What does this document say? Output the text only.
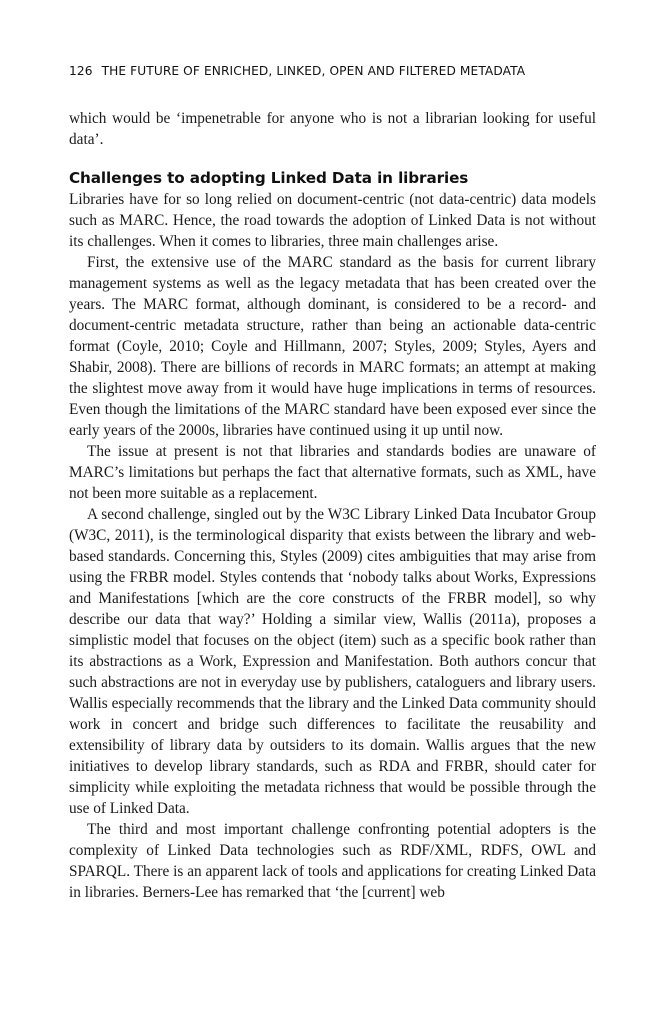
126 THE FUTURE OF ENRICHED, LINKED, OPEN AND FILTERED METADATA

which would be ‘impenetrable for anyone who is not a librarian looking for useful data’.

Challenges to adopting Linked Data in libraries

Libraries have for so long relied on document-centric (not data-centric) data models such as MARC. Hence, the road towards the adoption of Linked Data is not without its challenges. When it comes to libraries, three main challenges arise.

First, the extensive use of the MARC standard as the basis for current library management systems as well as the legacy metadata that has been created over the years. The MARC format, although dominant, is considered to be a record- and document-centric metadata structure, rather than being an actionable data-centric format (Coyle, 2010; Coyle and Hillmann, 2007; Styles, 2009; Styles, Ayers and Shabir, 2008). There are billions of records in MARC formats; an attempt at making the slightest move away from it would have huge implications in terms of resources. Even though the limitations of the MARC standard have been exposed ever since the early years of the 2000s, libraries have continued using it up until now.

The issue at present is not that libraries and standards bodies are unaware of MARC’s limitations but perhaps the fact that alternative formats, such as XML, have not been more suitable as a replacement.

A second challenge, singled out by the W3C Library Linked Data Incubator Group (W3C, 2011), is the terminological disparity that exists between the library and web-based standards. Concerning this, Styles (2009) cites ambiguities that may arise from using the FRBR model. Styles contends that ‘nobody talks about Works, Expressions and Manifestations [which are the core constructs of the FRBR model], so why describe our data that way?’ Holding a similar view, Wallis (2011a), proposes a simplistic model that focuses on the object (item) such as a specific book rather than its abstractions as a Work, Expression and Manifestation. Both authors concur that such abstractions are not in everyday use by publishers, cataloguers and library users. Wallis especially recommends that the library and the Linked Data community should work in concert and bridge such differences to facilitate the reusability and extensibility of library data by outsiders to its domain. Wallis argues that the new initiatives to develop library standards, such as RDA and FRBR, should cater for simplicity while exploiting the metadata richness that would be possible through the use of Linked Data.

The third and most important challenge confronting potential adopters is the complexity of Linked Data technologies such as RDF/XML, RDFS, OWL and SPARQL. There is an apparent lack of tools and applications for creating Linked Data in libraries. Berners-Lee has remarked that ‘the [current] web
